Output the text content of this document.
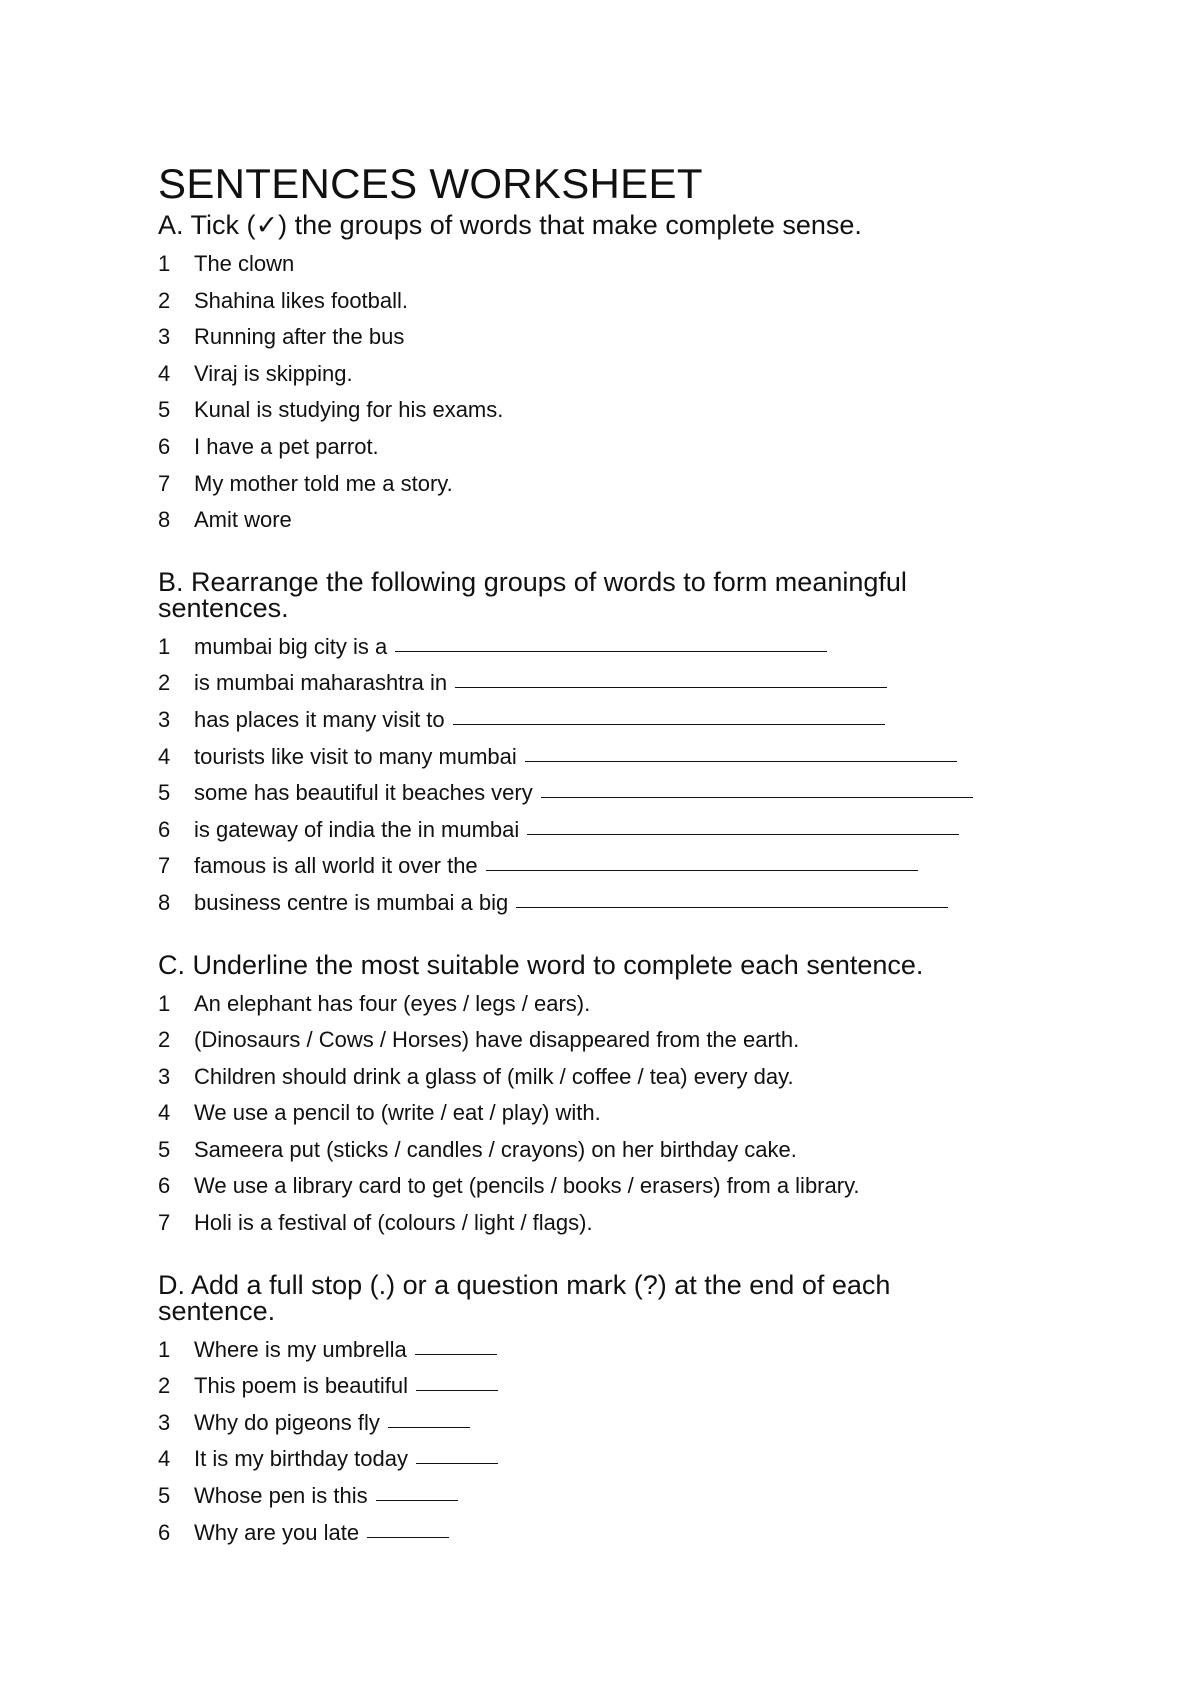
SENTENCES WORKSHEET
A. Tick (✓) the groups of words that make complete sense.
1	The clown
2	Shahina likes football.
3	Running after the bus
4	Viraj is skipping.
5	Kunal is studying for his exams.
6	I have a pet parrot.
7	My mother told me a story.
8	Amit wore
B. Rearrange the following groups of words to form meaningful
sentences.
1	mumbai big city is a
2	is mumbai maharashtra in
3	has places it many visit to
4	tourists like visit to many mumbai
5	some has beautiful it beaches very
6	is gateway of india the in mumbai
7	famous is all world it over the
8	business centre is mumbai a big
C. Underline the most suitable word to complete each sentence.
1	An elephant has four (eyes / legs / ears).
2	(Dinosaurs / Cows / Horses) have disappeared from the earth.
3	Children should drink a glass of (milk / coffee / tea) every day.
4	We use a pencil to (write / eat / play) with.
5	Sameera put (sticks / candles / crayons) on her birthday cake.
6	We use a library card to get (pencils / books / erasers) from a library.
7	Holi is a festival of (colours / light / flags).
D. Add a full stop (.) or a question mark (?) at the end of each
sentence.
1	Where is my umbrella
2	This poem is beautiful
3	Why do pigeons fly
4	It is my birthday today
5	Whose pen is this
6	Why are you late
